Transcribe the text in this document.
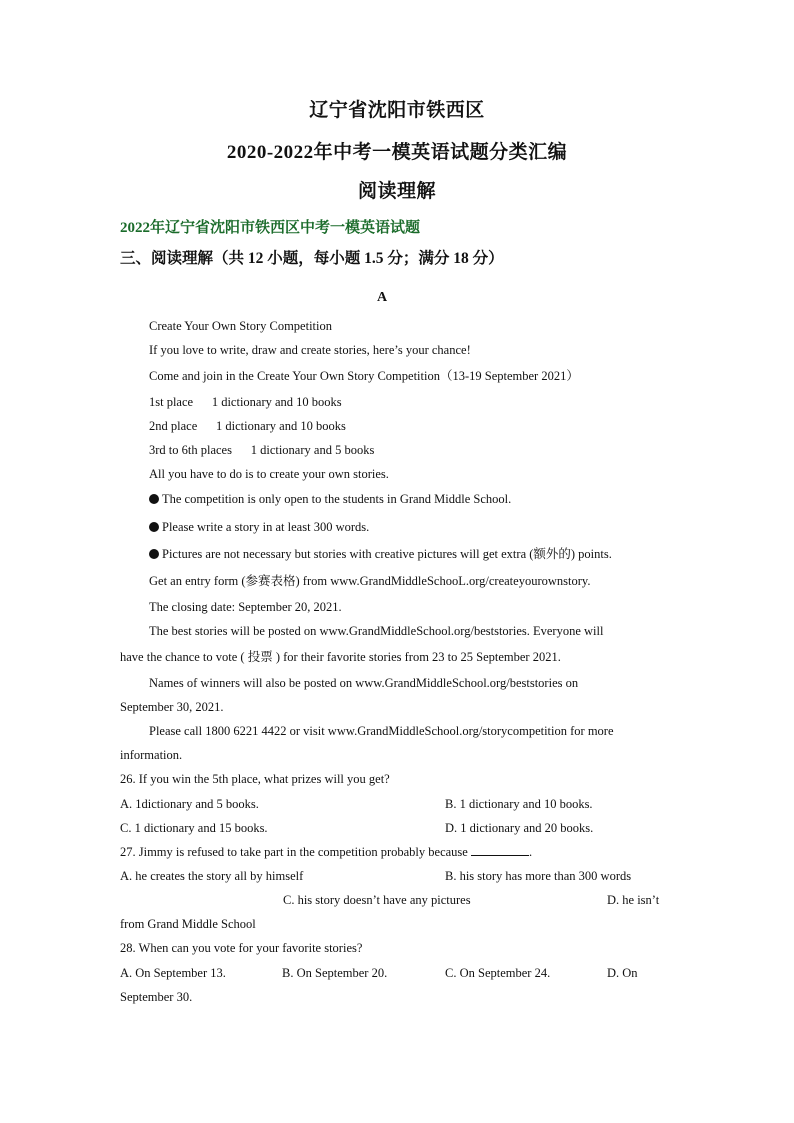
辽宁省沈阳市铁西区
2020-2022年中考一模英语试题分类汇编
阅读理解
2022年辽宁省沈阳市铁西区中考一模英语试题
三、阅读理解（共 12 小题，每小题 1.5 分；满分 18 分）
A
Create Your Own Story Competition
If you love to write, draw and create stories, here’s your chance!
Come and join in the Create Your Own Story Competition（13-19 September 2021）
1st place      1 dictionary and 10 books
2nd place      1 dictionary and 10 books
3rd to 6th places      1 dictionary and 5 books
All you have to do is to create your own stories.
The competition is only open to the students in Grand Middle School.
Please write a story in at least 300 words.
Pictures are not necessary but stories with creative pictures will get extra (额外的) points.
Get an entry form (参赛表格) from www.GrandMiddleSchooL.org/createyourownstory.
The closing date: September 20, 2021.
The best stories will be posted on www.GrandMiddleSchool.org/beststories. Everyone will
have the chance to vote ( 投票 ) for their favorite stories from 23 to 25 September 2021.
Names of winners will also be posted on www.GrandMiddleSchool.org/beststories on
September 30, 2021.
Please call 1800 6221 4422 or visit www.GrandMiddleSchool.org/storycompetition for more
information.
26. If you win the 5th place, what prizes will you get?
A. 1dictionary and 5 books.	B. 1 dictionary and 10 books.
C. 1 dictionary and 15 books.	D. 1 dictionary and 20 books.
27. Jimmy is refused to take part in the competition probably because	.
A. he creates the story all by himself	B. his story has more than 300 words
C. his story doesn’t have any pictures	D. he isn’t
from Grand Middle School
28. When can you vote for your favorite stories?
A. On September 13.	B. On September 20.	C. On September 24.	D. On
September 30.
